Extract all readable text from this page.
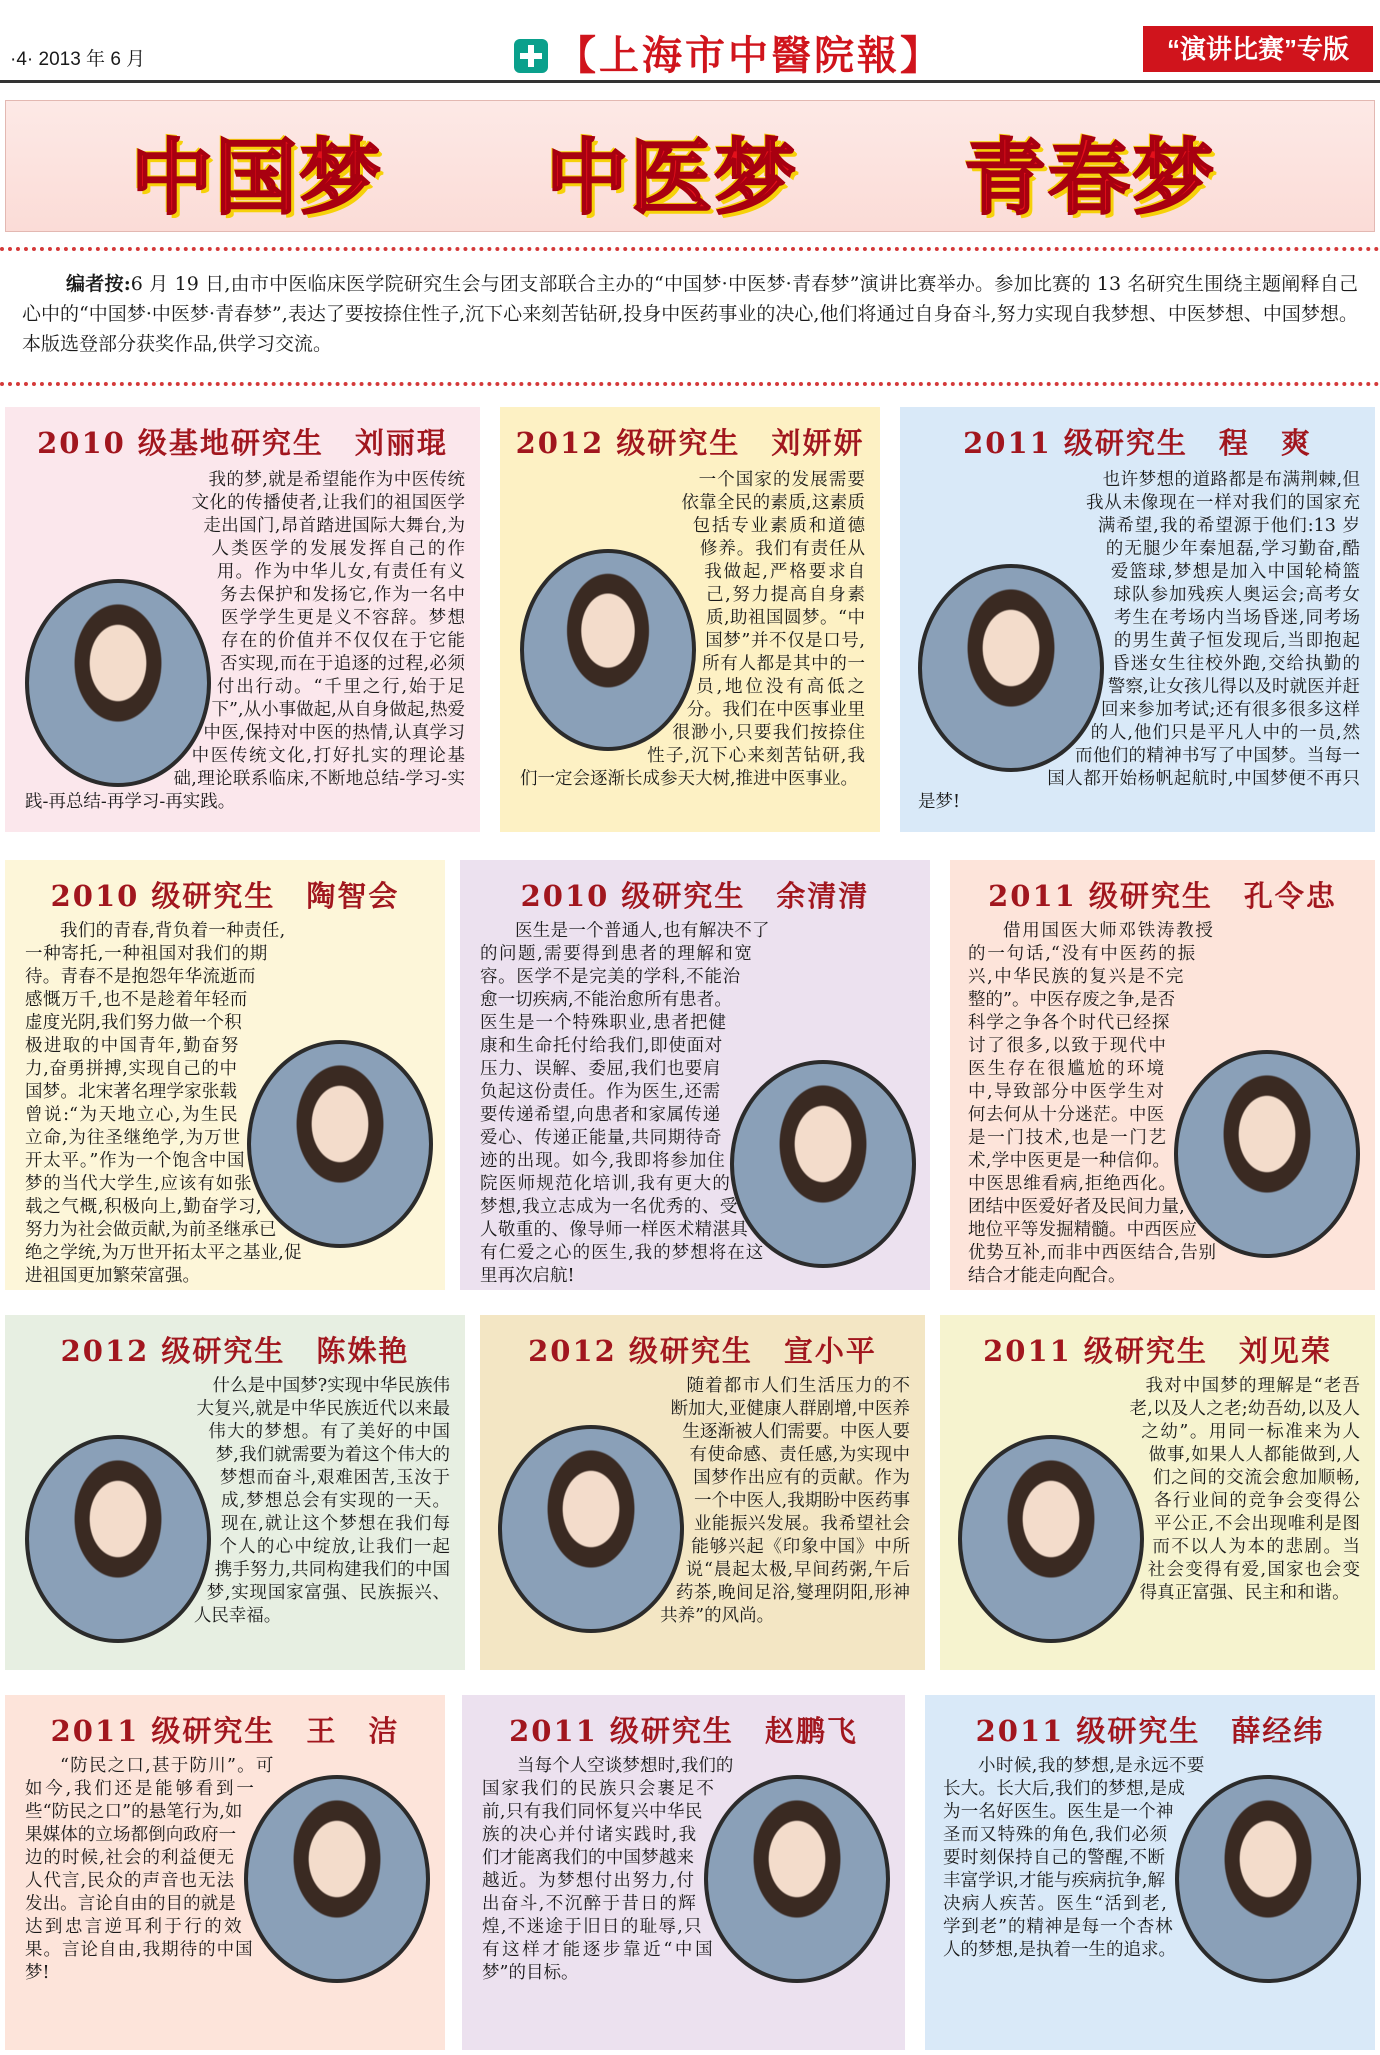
·4· 2013 年 6 月	【上海市中醫院報】	“演讲比赛”专版
中国梦 中医梦 青春梦

编者按:6 月 19 日,由市中医临床医学院研究生会与团支部联合主办的“中国梦·中医梦·青春梦”演讲比赛举办。参加比赛的 13 名研究生围绕主题阐释自己心中的“中国梦·中医梦·青春梦”,表达了要按捺住性子,沉下心来刻苦钻研,投身中医药事业的决心,他们将通过自身奋斗,努力实现自我梦想、中医梦想、中国梦想。本版选登部分获奖作品,供学习交流。

2010 级基地研究生　刘丽琨

我的梦,就是希望能作为中医传统文化的传播使者,让我们的祖国医学走出国门,昂首踏进国际大舞台,为人类医学的发展发挥自己的作用。作为中华儿女,有责任有义务去保护和发扬它,作为一名中医学学生更是义不容辞。梦想存在的价值并不仅仅在于它能否实现,而在于追逐的过程,必须付出行动。“千里之行,始于足下”,从小事做起,从自身做起,热爱中医,保持对中医的热情,认真学习中医传统文化,打好扎实的理论基础,理论联系临床,不断地总结-学习-实践-再总结-再学习-再实践。

2012 级研究生　刘妍妍

一个国家的发展需要依靠全民的素质,这素质包括专业素质和道德修养。我们有责任从我做起,严格要求自己,努力提高自身素质,助祖国圆梦。“中国梦”并不仅是口号,所有人都是其中的一员,地位没有高低之分。我们在中医事业里很渺小,只要我们按捺住性子,沉下心来刻苦钻研,我们一定会逐渐长成参天大树,推进中医事业。

2011 级研究生　程　爽

也许梦想的道路都是布满荆棘,但我从未像现在一样对我们的国家充满希望,我的希望源于他们:13 岁的无腿少年秦旭磊,学习勤奋,酷爱篮球,梦想是加入中国轮椅篮球队参加残疾人奥运会;高考女考生在考场内当场昏迷,同考场的男生黄子恒发现后,当即抱起昏迷女生往校外跑,交给执勤的警察,让女孩儿得以及时就医并赶回来参加考试;还有很多很多这样的人,他们只是平凡人中的一员,然而他们的精神书写了中国梦。当每一国人都开始杨帆起航时,中国梦便不再只是梦!

2010 级研究生　陶智会

我们的青春,背负着一种责任,一种寄托,一种祖国对我们的期待。青春不是抱怨年华流逝而感慨万千,也不是趁着年轻而虚度光阴,我们努力做一个积极进取的中国青年,勤奋努力,奋勇拼搏,实现自己的中国梦。北宋著名理学家张载曾说:“为天地立心,为生民立命,为往圣继绝学,为万世开太平。”作为一个饱含中国梦的当代大学生,应该有如张载之气概,积极向上,勤奋学习,努力为社会做贡献,为前圣继承已绝之学统,为万世开拓太平之基业,促进祖国更加繁荣富强。

2010 级研究生　余清清

医生是一个普通人,也有解决不了的问题,需要得到患者的理解和宽容。医学不是完美的学科,不能治愈一切疾病,不能治愈所有患者。医生是一个特殊职业,患者把健康和生命托付给我们,即使面对压力、误解、委屈,我们也要肩负起这份责任。作为医生,还需要传递希望,向患者和家属传递爱心、传递正能量,共同期待奇迹的出现。如今,我即将参加住院医师规范化培训,我有更大的梦想,我立志成为一名优秀的、受人敬重的、像导师一样医术精湛具有仁爱之心的医生,我的梦想将在这里再次启航!

2011 级研究生　孔令忠

借用国医大师邓铁涛教授的一句话,“没有中医药的振兴,中华民族的复兴是不完整的”。中医存废之争,是否科学之争各个时代已经探讨了很多,以致于现代中医生存在很尴尬的环境中,导致部分中医学生对何去何从十分迷茫。中医是一门技术,也是一门艺术,学中医更是一种信仰。中医思维看病,拒绝西化。团结中医爱好者及民间力量,地位平等发掘精髓。中西医应优势互补,而非中西医结合,告别结合才能走向配合。

2012 级研究生　陈姝艳

什么是中国梦?实现中华民族伟大复兴,就是中华民族近代以来最伟大的梦想。有了美好的中国梦,我们就需要为着这个伟大的梦想而奋斗,艰难困苦,玉汝于成,梦想总会有实现的一天。现在,就让这个梦想在我们每个人的心中绽放,让我们一起携手努力,共同构建我们的中国梦,实现国家富强、民族振兴、人民幸福。

2012 级研究生　宣小平

随着都市人们生活压力的不断加大,亚健康人群剧增,中医养生逐渐被人们需要。中医人要有使命感、责任感,为实现中国梦作出应有的贡献。作为一个中医人,我期盼中医药事业能振兴发展。我希望社会能够兴起《印象中国》中所说“晨起太极,早间药粥,午后药茶,晚间足浴,燮理阴阳,形神共养”的风尚。

2011 级研究生　刘见荣

我对中国梦的理解是“老吾老,以及人之老;幼吾幼,以及人之幼”。用同一标准来为人做事,如果人人都能做到,人们之间的交流会愈加顺畅,各行业间的竞争会变得公平公正,不会出现唯利是图而不以人为本的悲剧。当社会变得有爱,国家也会变得真正富强、民主和和谐。

2011 级研究生　王　洁

“防民之口,甚于防川”。可如今,我们还是能够看到一些“防民之口”的悬笔行为,如果媒体的立场都倒向政府一边的时候,社会的利益便无人代言,民众的声音也无法发出。言论自由的目的就是达到忠言逆耳利于行的效果。言论自由,我期待的中国梦!

2011 级研究生　赵鹏飞

当每个人空谈梦想时,我们的国家我们的民族只会裹足不前,只有我们同怀复兴中华民族的决心并付诸实践时,我们才能离我们的中国梦越来越近。为梦想付出努力,付出奋斗,不沉醉于昔日的辉煌,不迷途于旧日的耻辱,只有这样才能逐步靠近“中国梦”的目标。

2011 级研究生　薛经纬

小时候,我的梦想,是永远不要长大。长大后,我们的梦想,是成为一名好医生。医生是一个神圣而又特殊的角色,我们必须要时刻保持自己的警醒,不断丰富学识,才能与疾病抗争,解决病人疾苦。医生“活到老,学到老”的精神是每一个杏林人的梦想,是执着一生的追求。
